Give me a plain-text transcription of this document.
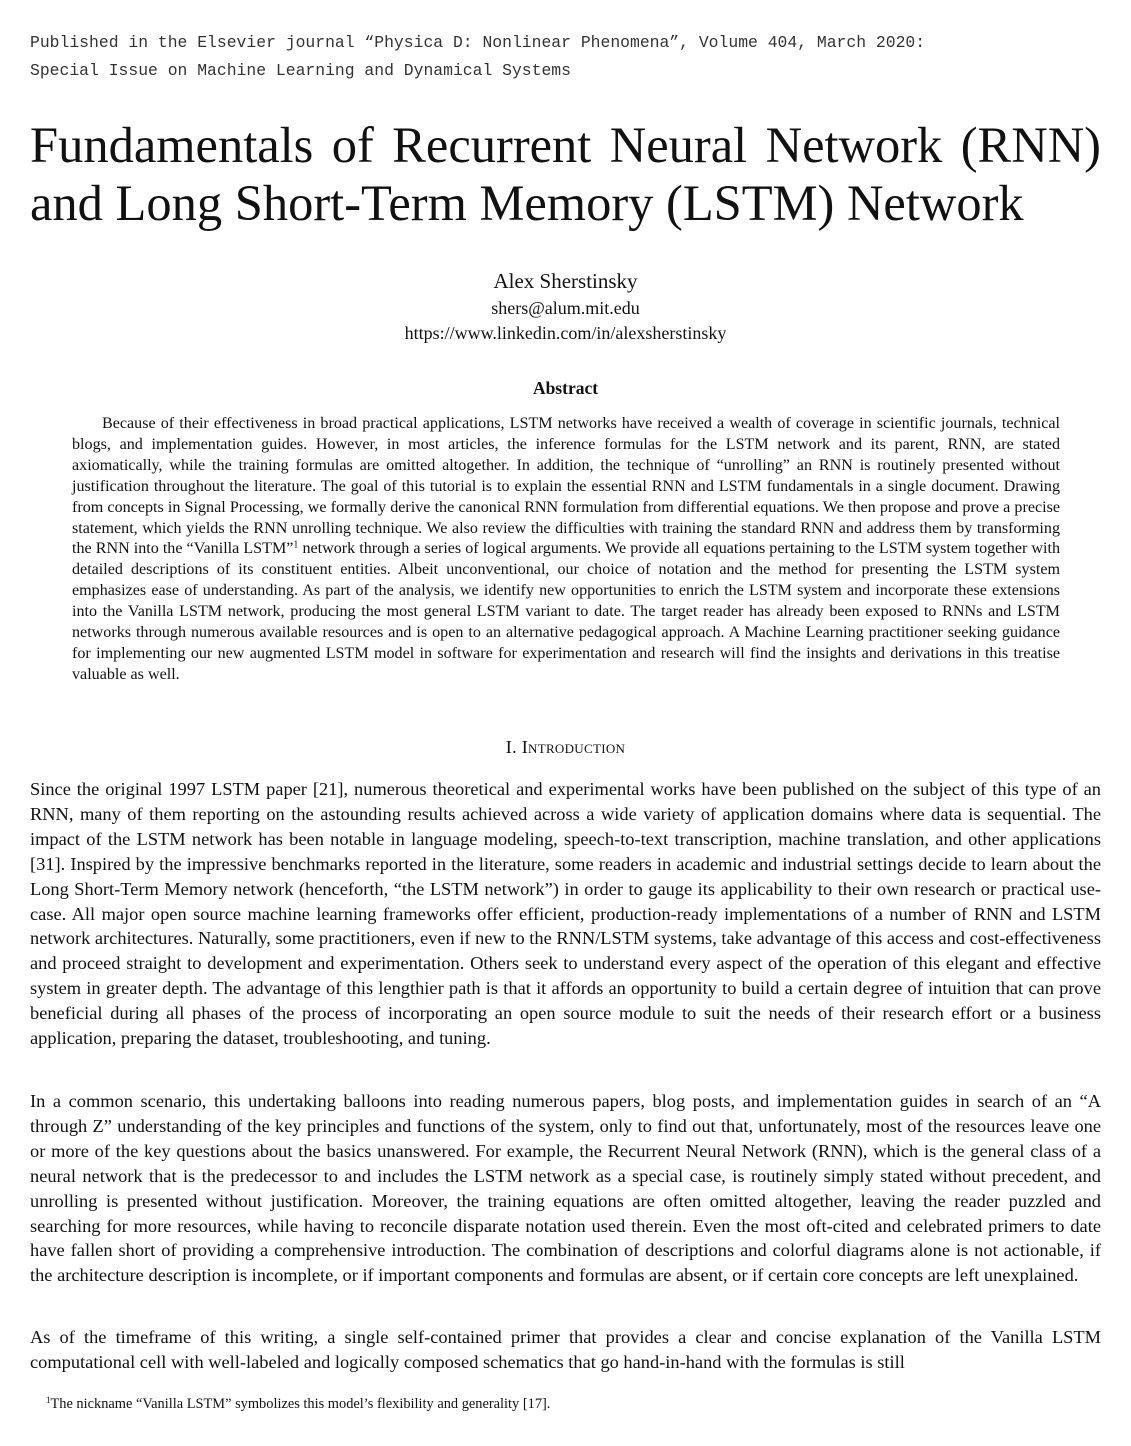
Published in the Elsevier journal “Physica D: Nonlinear Phenomena”, Volume 404, March 2020:
Special Issue on Machine Learning and Dynamical Systems
Fundamentals of Recurrent Neural Network (RNN) and Long Short-Term Memory (LSTM) Network
Alex Sherstinsky
shers@alum.mit.edu
https://www.linkedin.com/in/alexsherstinsky
Abstract

Because of their effectiveness in broad practical applications, LSTM networks have received a wealth of coverage in scientific journals, technical blogs, and implementation guides. However, in most articles, the inference formulas for the LSTM network and its parent, RNN, are stated axiomatically, while the training formulas are omitted altogether. In addition, the technique of “unrolling” an RNN is routinely presented without justification throughout the literature. The goal of this tutorial is to explain the essential RNN and LSTM fundamentals in a single document. Drawing from concepts in Signal Processing, we formally derive the canonical RNN formulation from differential equations. We then propose and prove a precise statement, which yields the RNN unrolling technique. We also review the difficulties with training the standard RNN and address them by transforming the RNN into the “Vanilla LSTM”$^1$ network through a series of logical arguments. We provide all equations pertaining to the LSTM system together with detailed descriptions of its constituent entities. Albeit unconventional, our choice of notation and the method for presenting the LSTM system emphasizes ease of understanding. As part of the analysis, we identify new opportunities to enrich the LSTM system and incorporate these extensions into the Vanilla LSTM network, producing the most general LSTM variant to date. The target reader has already been exposed to RNNs and LSTM networks through numerous available resources and is open to an alternative pedagogical approach. A Machine Learning practitioner seeking guidance for implementing our new augmented LSTM model in software for experimentation and research will find the insights and derivations in this treatise valuable as well.

I. Introduction

Since the original 1997 LSTM paper [21], numerous theoretical and experimental works have been published on the subject of this type of an RNN, many of them reporting on the astounding results achieved across a wide variety of application domains where data is sequential. The impact of the LSTM network has been notable in language modeling, speech-to-text transcription, machine translation, and other applications [31]. Inspired by the impressive benchmarks reported in the literature, some readers in academic and industrial settings decide to learn about the Long Short-Term Memory network (henceforth, “the LSTM network”) in order to gauge its applicability to their own research or practical use-case. All major open source machine learning frameworks offer efficient, production-ready implementations of a number of RNN and LSTM network architectures. Naturally, some practitioners, even if new to the RNN/LSTM systems, take advantage of this access and cost-effectiveness and proceed straight to development and experimentation. Others seek to understand every aspect of the operation of this elegant and effective system in greater depth. The advantage of this lengthier path is that it affords an opportunity to build a certain degree of intuition that can prove beneficial during all phases of the process of incorporating an open source module to suit the needs of their research effort or a business application, preparing the dataset, troubleshooting, and tuning.

In a common scenario, this undertaking balloons into reading numerous papers, blog posts, and implementation guides in search of an “A through Z” understanding of the key principles and functions of the system, only to find out that, unfortunately, most of the resources leave one or more of the key questions about the basics unanswered. For example, the Recurrent Neural Network (RNN), which is the general class of a neural network that is the predecessor to and includes the LSTM network as a special case, is routinely simply stated without precedent, and unrolling is presented without justification. Moreover, the training equations are often omitted altogether, leaving the reader puzzled and searching for more resources, while having to reconcile disparate notation used therein. Even the most oft-cited and celebrated primers to date have fallen short of providing a comprehensive introduction. The combination of descriptions and colorful diagrams alone is not actionable, if the architecture description is incomplete, or if important components and formulas are absent, or if certain core concepts are left unexplained.

As of the timeframe of this writing, a single self-contained primer that provides a clear and concise explanation of the Vanilla LSTM computational cell with well-labeled and logically composed schematics that go hand-in-hand with the formulas is still

$^1$The nickname “Vanilla LSTM” symbolizes this model’s flexibility and generality [17].
